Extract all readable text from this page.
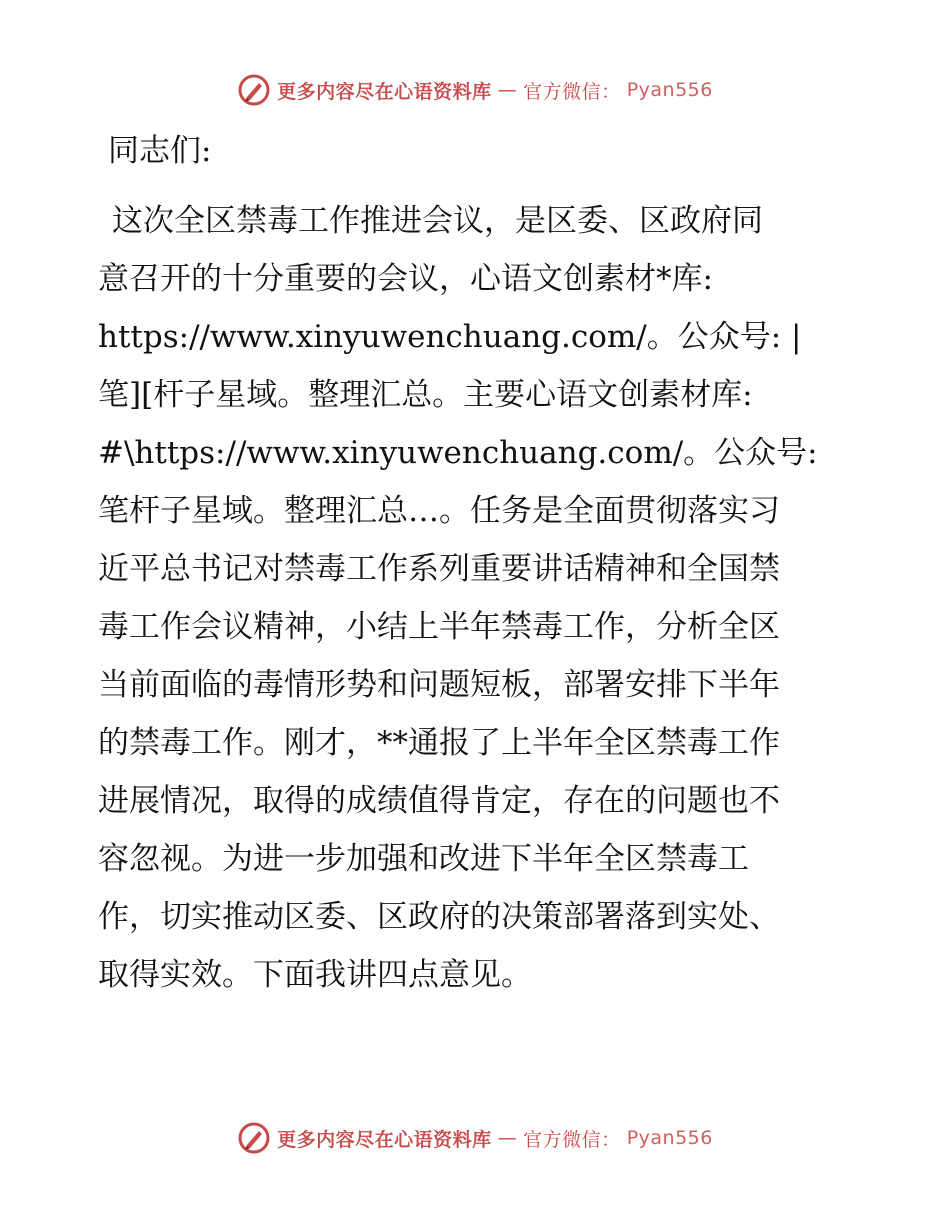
更多内容尽在心语资料库 — 官方微信： Pyan556
同志们:
这次全区禁毒工作推进会议，是区委、区政府同
意召开的十分重要的会议，心语文创素材*库:
https://www.xinyuwenchuang.com/。公众号: |
笔][杆子星域。整理汇总。主要心语文创素材库:
#\https://www.xinyuwenchuang.com/。公众号:
笔杆子星域。整理汇总…。任务是全面贯彻落实习
近平总书记对禁毒工作系列重要讲话精神和全国禁
毒工作会议精神，小结上半年禁毒工作，分析全区
当前面临的毒情形势和问题短板，部署安排下半年
的禁毒工作。刚才，**通报了上半年全区禁毒工作
进展情况，取得的成绩值得肯定，存在的问题也不
容忽视。为进一步加强和改进下半年全区禁毒工
作，切实推动区委、区政府的决策部署落到实处、
取得实效。下面我讲四点意见。
更多内容尽在心语资料库 — 官方微信： Pyan556
